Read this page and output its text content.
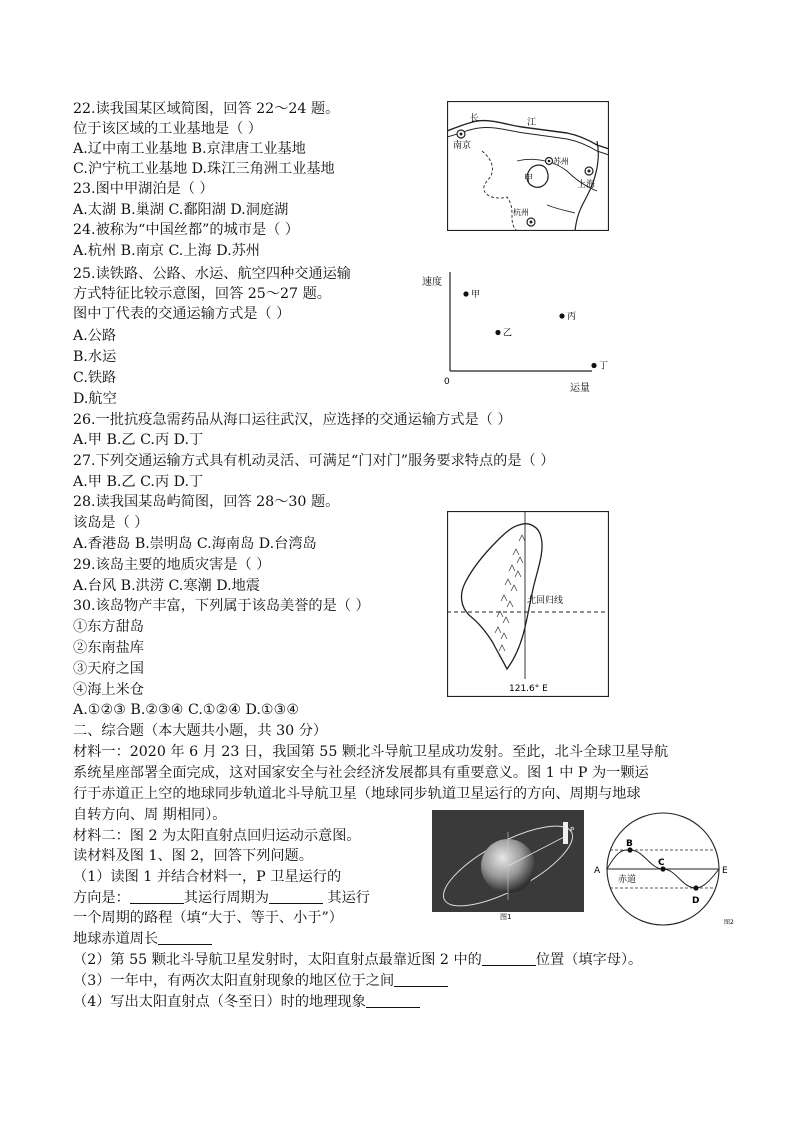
22.读我国某区域简图，回答 22～24 题。
位于该区域的工业基地是（ ）
A.辽中南工业基地 B.京津唐工业基地
C.沪宁杭工业基地 D.珠江三角洲工业基地
23.图中甲湖泊是（ ）
A.太湖 B.巢湖 C.鄱阳湖 D.洞庭湖
24.被称为“中国丝都”的城市是（ ）
A.杭州 B.南京 C.上海 D.苏州
25.读铁路、公路、水运、航空四种交通运输
方式特征比较示意图，回答 25～27 题。
图中丁代表的交通运输方式是（ ）
A.公路
B.水运
C.铁路
D.航空
26.一批抗疫急需药品从海口运往武汉，应选择的交通运输方式是（ ）
A.甲 B.乙 C.丙 D.丁
27.下列交通运输方式具有机动灵活、可满足“门对门”服务要求特点的是（ ）
A.甲 B.乙 C.丙 D.丁
28.读我国某岛屿简图，回答 28～30 题。
该岛是（ ）
A.香港岛 B.崇明岛 C.海南岛 D.台湾岛
29.该岛主要的地质灾害是（ ）
A.台风 B.洪涝 C.寒潮 D.地震
30.该岛物产丰富，下列属于该岛美誉的是（ ）
①东方甜岛
②东南盐库
③天府之国
④海上米仓
A.①②③ B.②③④ C.①②④ D.①③④
二、综合题（本大题共小题，共 30 分）
材料一：2020 年 6 月 23 日，我国第 55 颗北斗导航卫星成功发射。至此，北斗全球卫星导航
系统星座部署全面完成，这对国家安全与社会经济发展都具有重要意义。图 1 中 P 为一颗运
行于赤道正上空的地球同步轨道北斗导航卫星（地球同步轨道卫星运行的方向、周期与地球
自转方向、周 期相同）。
材料二：图 2 为太阳直射点回归运动示意图。
读材料及图 1、图 2，回答下列问题。
（1）读图 1 并结合材料一，P 卫星运行的
方向是：	其运行周期为	其运行
一个周期的路程（填“大于、等于、小于”）
地球赤道周长
（2）第 55 颗北斗导航卫星发射时，太阳直射点最靠近图 2 中的	位置（填字母）。
（3）一年中，有两次太阳直射现象的地区位于之间
（4）写出太阳直射点（冬至日）时的地理现象
长	江
南京
苏州
甲
上海
杭州
速度
0
运量
甲
乙
丙
丁
北回归线
121.6° E
P
图1
A
B
C
D
E
赤道
图2
